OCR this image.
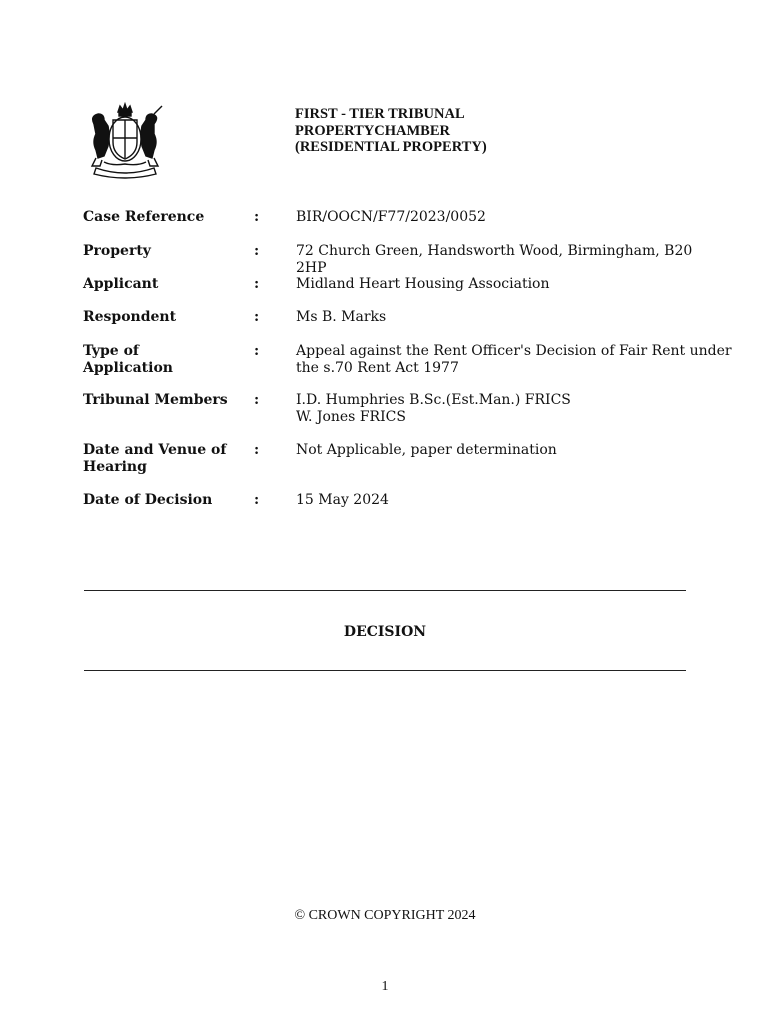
FIRST - TIER TRIBUNAL
PROPERTYCHAMBER
(RESIDENTIAL PROPERTY)
Case Reference	:	BIR/OOCN/F77/2023/0052
Property	:	72 Church Green, Handsworth Wood, Birmingham, B20 2HP
Applicant	:	Midland Heart Housing Association
Respondent	:	Ms B. Marks
Type of Application
:	Appeal against the Rent Officer's Decision of Fair Rent under
the s.70 Rent Act 1977
Tribunal Members	:	I.D. Humphries B.Sc.(Est.Man.) FRICS
W. Jones FRICS
Date and Venue of
Hearing
:	Not Applicable, paper determination
Date of Decision	:	15 May 2024
DECISION
© CROWN COPYRIGHT 2024
1
